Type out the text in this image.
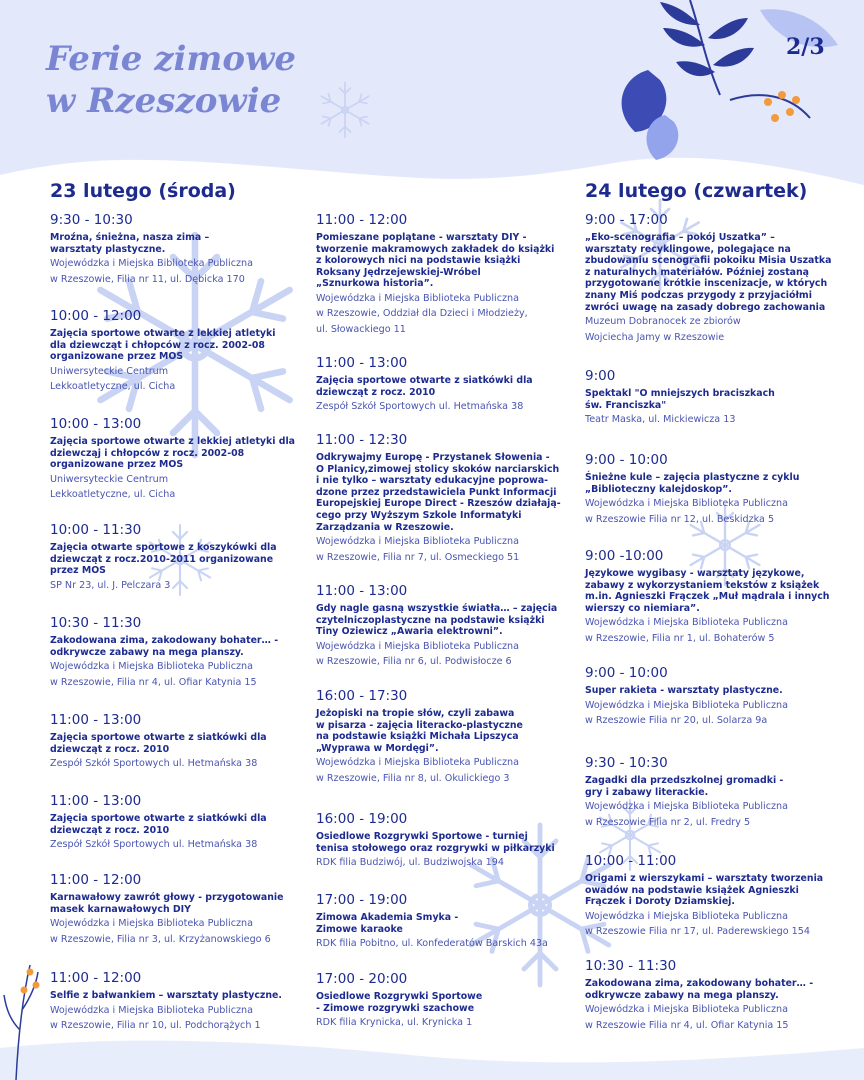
Ferie zimowe
w Rzeszowie
2/3
23 lutego (środa)	24 lutego (czwartek)
9:30 - 10:30
Mroźna, śnieżna, nasza zima –
warsztaty plastyczne.
Wojewódzka i Miejska Biblioteka Publiczna
w Rzeszowie, Filia nr 11, ul. Dębicka 170
10:00 - 12:00
Zajęcia sportowe otwarte z lekkiej atletyki
dla dziewcząt i chłopców z rocz. 2002-08
organizowane przez MOS
Uniwersyteckie Centrum
Lekkoatletyczne, ul. Cicha
10:00 - 13:00
Zajęcia sportowe otwarte z lekkiej atletyki dla
dziewcząj i chłopców z rocz. 2002-08
organizowane przez MOS
Uniwersyteckie Centrum
Lekkoatletyczne, ul. Cicha
10:00 - 11:30
Zajęcia otwarte sportowe z koszykówki dla
dziewcząt z rocz.2010-2011 organizowane
przez MOS
SP Nr 23, ul. J. Pelczara 3
10:30 - 11:30
Zakodowana zima, zakodowany bohater… -
odkrywcze zabawy na mega planszy.
Wojewódzka i Miejska Biblioteka Publiczna
w Rzeszowie, Filia nr 4, ul. Ofiar Katynia 15
11:00 - 13:00
Zajęcia sportowe otwarte z siatkówki dla
dziewcząt z rocz. 2010
Zespół Szkół Sportowych ul. Hetmańska 38
11:00 - 13:00
Zajęcia sportowe otwarte z siatkówki dla
dziewcząt z rocz. 2010
Zespół Szkół Sportowych ul. Hetmańska 38
11:00 - 12:00
Karnawałowy zawrót głowy - przygotowanie
masek karnawałowych DIY
Wojewódzka i Miejska Biblioteka Publiczna
w Rzeszowie, Filia nr 3, ul. Krzyżanowskiego 6
11:00 - 12:00
Selfie z bałwankiem – warsztaty plastyczne.
Wojewódzka i Miejska Biblioteka Publiczna
w Rzeszowie, Filia nr 10, ul. Podchorążych 1
11:00 - 12:00
Pomieszane poplątane - warsztaty DIY -
tworzenie makramowych zakładek do książki
z kolorowych nici na podstawie książki
Roksany Jędrzejewskiej-Wróbel
„Sznurkowa historia”.
Wojewódzka i Miejska Biblioteka Publiczna
w Rzeszowie, Oddział dla Dzieci i Młodzieży,
ul. Słowackiego 11
11:00 - 13:00
Zajęcia sportowe otwarte z siatkówki dla
dziewcząt z rocz. 2010
Zespół Szkół Sportowych ul. Hetmańska 38
11:00 - 12:30
Odkrywajmy Europę - Przystanek Słowenia -
O Planicy,zimowej stolicy skoków narciarskich
i nie tylko – warsztaty edukacyjne poprowa-
dzone przez przedstawiciela Punkt Informacji
Europejskiej Europe Direct - Rzeszów działają-
cego przy Wyższym Szkole Informatyki
Zarządzania w Rzeszowie.
Wojewódzka i Miejska Biblioteka Publiczna
w Rzeszowie, Filia nr 7, ul. Osmeckiego 51
11:00 - 13:00
Gdy nagle gasną wszystkie światła… – zajęcia
czytelniczoplastyczne na podstawie książki
Tiny Oziewicz „Awaria elektrowni”.
Wojewódzka i Miejska Biblioteka Publiczna
w Rzeszowie, Filia nr 6, ul. Podwisłocze 6
16:00 - 17:30
Jeżopiski na tropie słów, czyli zabawa
w pisarza - zajęcia literacko-plastyczne
na podstawie książki Michała Lipszyca
„Wyprawa w Mordęgi”.
Wojewódzka i Miejska Biblioteka Publiczna
w Rzeszowie, Filia nr 8, ul. Okulickiego 3
16:00 - 19:00
Osiedlowe Rozgrywki Sportowe - turniej
tenisa stołowego oraz rozgrywki w piłkarzyki
RDK filia Budziwój, ul. Budziwojska 194
17:00 - 19:00
Zimowa Akademia Smyka -
Zimowe karaoke
RDK filia Pobitno, ul. Konfederatów Barskich 43a
17:00 - 20:00
Osiedlowe Rozgrywki Sportowe
- Zimowe rozgrywki szachowe
RDK filia Krynicka, ul. Krynicka 1
9:00 - 17:00
„Eko-scenografia – pokój Uszatka” –
warsztaty recyklingowe, polegające na
zbudowaniu scenografii pokoiku Misia Uszatka
z naturalnych materiałów. Później zostaną
przygotowane krótkie inscenizacje, w których
znany Miś podczas przygody z przyjaciółmi
zwróci uwagę na zasady dobrego zachowania
Muzeum Dobranocek ze zbiorów
Wojciecha Jamy w Rzeszowie
9:00
Spektakl "O mniejszych braciszkach
św. Franciszka"
Teatr Maska, ul. Mickiewicza 13
9:00 - 10:00
Śnieżne kule – zajęcia plastyczne z cyklu
„Biblioteczny kalejdoskop”.
Wojewódzka i Miejska Biblioteka Publiczna
w Rzeszowie Filia nr 12, ul. Beskidzka 5
9:00 -10:00
Językowe wygibasy - warsztaty językowe,
zabawy z wykorzystaniem tekstów z książek
m.in. Agnieszki Frączek „Muł mądrala i innych
wierszy co niemiara”.
Wojewódzka i Miejska Biblioteka Publiczna
w Rzeszowie, Filia nr 1, ul. Bohaterów 5
9:00 - 10:00
Super rakieta - warsztaty plastyczne.
Wojewódzka i Miejska Biblioteka Publiczna
w Rzeszowie Filia nr 20, ul. Solarza 9a
9:30 - 10:30
Zagadki dla przedszkolnej gromadki -
gry i zabawy literackie.
Wojewódzka i Miejska Biblioteka Publiczna
w Rzeszowie Filia nr 2, ul. Fredry 5
10:00 - 11:00
Origami z wierszykami – warsztaty tworzenia
owadów na podstawie książek Agnieszki
Frączek i Doroty Dziamskiej.
Wojewódzka i Miejska Biblioteka Publiczna
w Rzeszowie Filia nr 17, ul. Paderewskiego 154
10:30 - 11:30
Zakodowana zima, zakodowany bohater… -
odkrywcze zabawy na mega planszy.
Wojewódzka i Miejska Biblioteka Publiczna
w Rzeszowie Filia nr 4, ul. Ofiar Katynia 15
